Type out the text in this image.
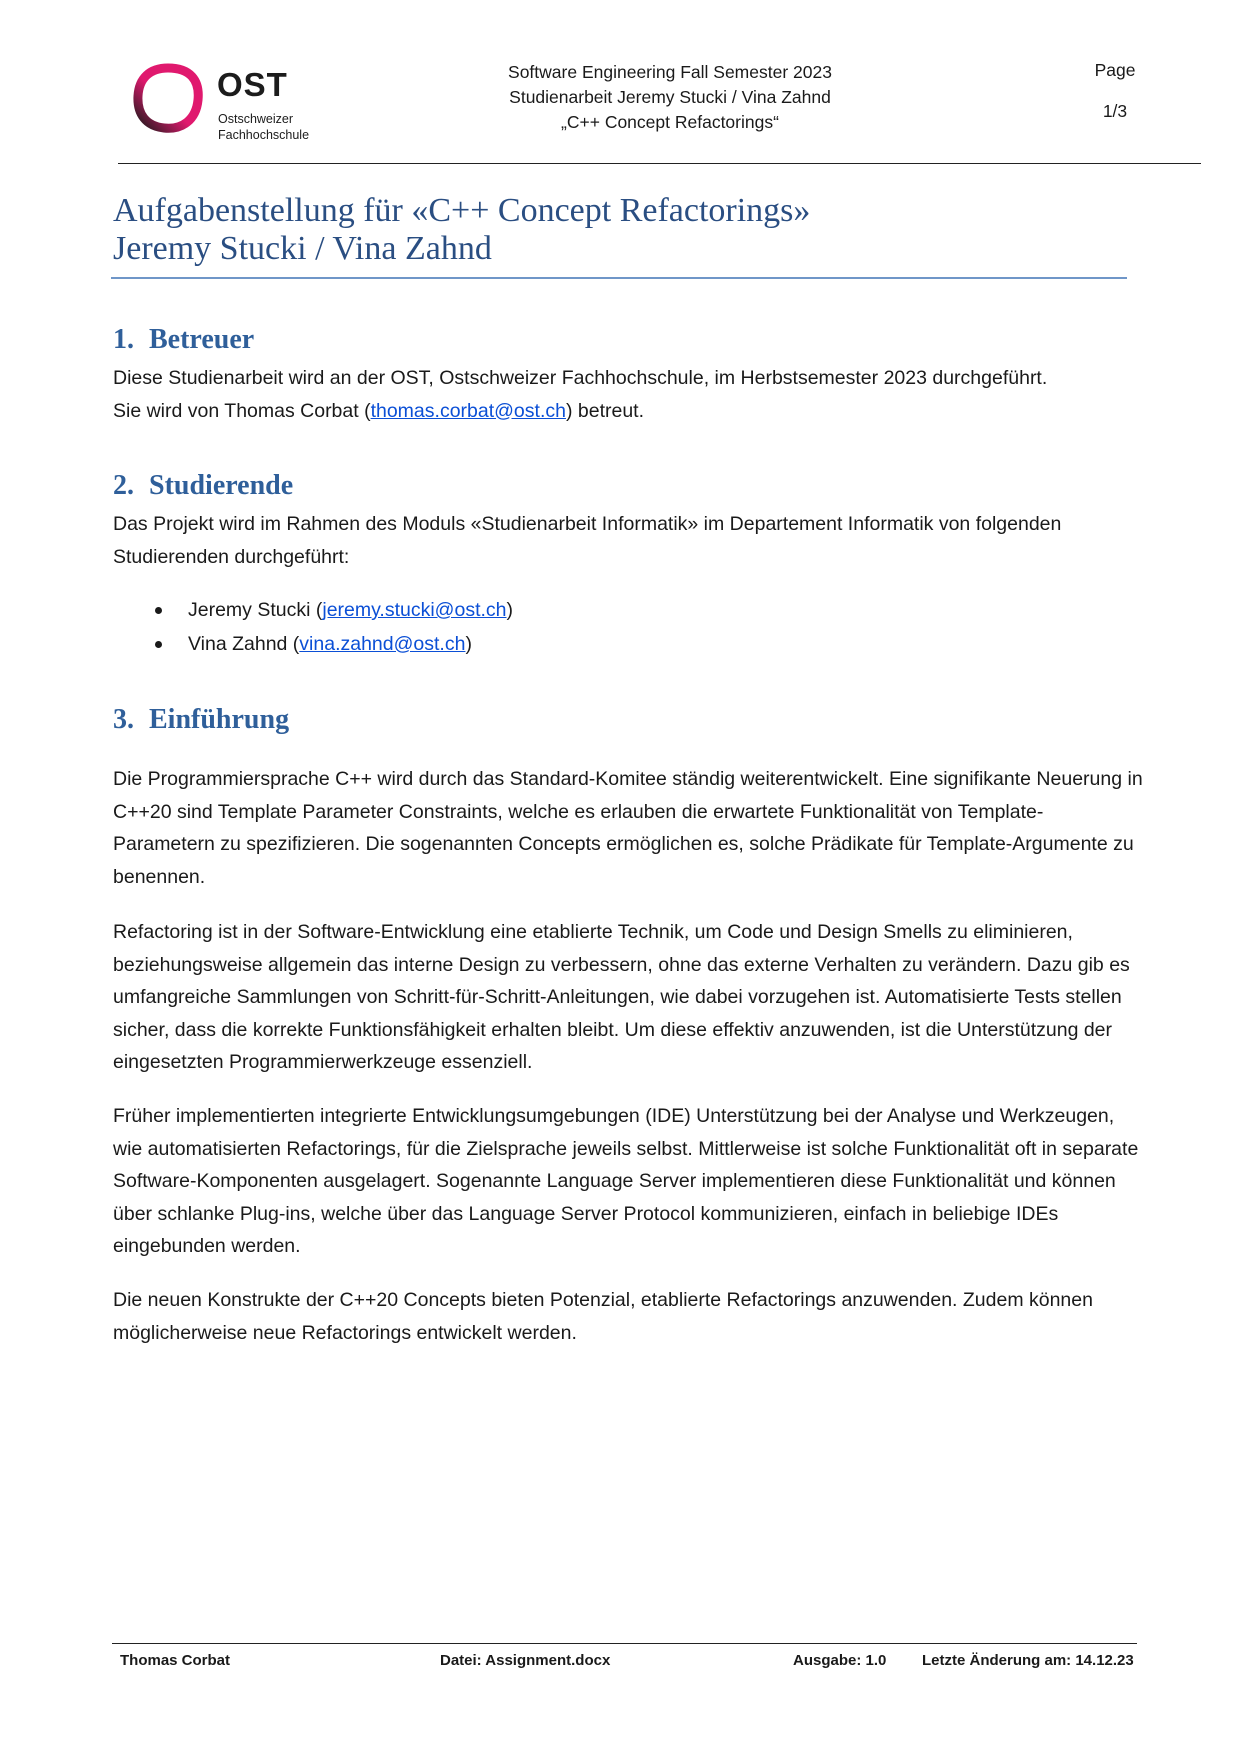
OST
Ostschweizer
Fachhochschule
Software Engineering Fall Semester 2023
Studienarbeit Jeremy Stucki / Vina Zahnd
„C++ Concept Refactorings“
Page
1/3
Aufgabenstellung für «C++ Concept Refactorings»
Jeremy Stucki / Vina Zahnd
1. Betreuer
Diese Studienarbeit wird an der OST, Ostschweizer Fachhochschule, im Herbstsemester 2023 durchgeführt.
Sie wird von Thomas Corbat (thomas.corbat@ost.ch) betreut.
2. Studierende
Das Projekt wird im Rahmen des Moduls «Studienarbeit Informatik» im Departement Informatik von folgenden Studierenden durchgeführt:
Jeremy Stucki (jeremy.stucki@ost.ch)
Vina Zahnd (vina.zahnd@ost.ch)
3. Einführung
Die Programmiersprache C++ wird durch das Standard-Komitee ständig weiterentwickelt. Eine signifikante Neuerung in C++20 sind Template Parameter Constraints, welche es erlauben die erwartete Funktionalität von Template-Parametern zu spezifizieren. Die sogenannten Concepts ermöglichen es, solche Prädikate für Template-Argumente zu benennen.
Refactoring ist in der Software-Entwicklung eine etablierte Technik, um Code und Design Smells zu eliminieren, beziehungsweise allgemein das interne Design zu verbessern, ohne das externe Verhalten zu verändern. Dazu gib es umfangreiche Sammlungen von Schritt-für-Schritt-Anleitungen, wie dabei vorzugehen ist. Automatisierte Tests stellen sicher, dass die korrekte Funktionsfähigkeit erhalten bleibt. Um diese effektiv anzuwenden, ist die Unterstützung der eingesetzten Programmierwerkzeuge essenziell.
Früher implementierten integrierte Entwicklungsumgebungen (IDE) Unterstützung bei der Analyse und Werkzeugen, wie automatisierten Refactorings, für die Zielsprache jeweils selbst. Mittlerweise ist solche Funktionalität oft in separate Software-Komponenten ausgelagert. Sogenannte Language Server implementieren diese Funktionalität und können über schlanke Plug-ins, welche über das Language Server Protocol kommunizieren, einfach in beliebige IDEs eingebunden werden.
Die neuen Konstrukte der C++20 Concepts bieten Potenzial, etablierte Refactorings anzuwenden. Zudem können möglicherweise neue Refactorings entwickelt werden.
Thomas Corbat	Datei: Assignment.docx	Ausgabe: 1.0 Letzte Änderung am: 14.12.23
